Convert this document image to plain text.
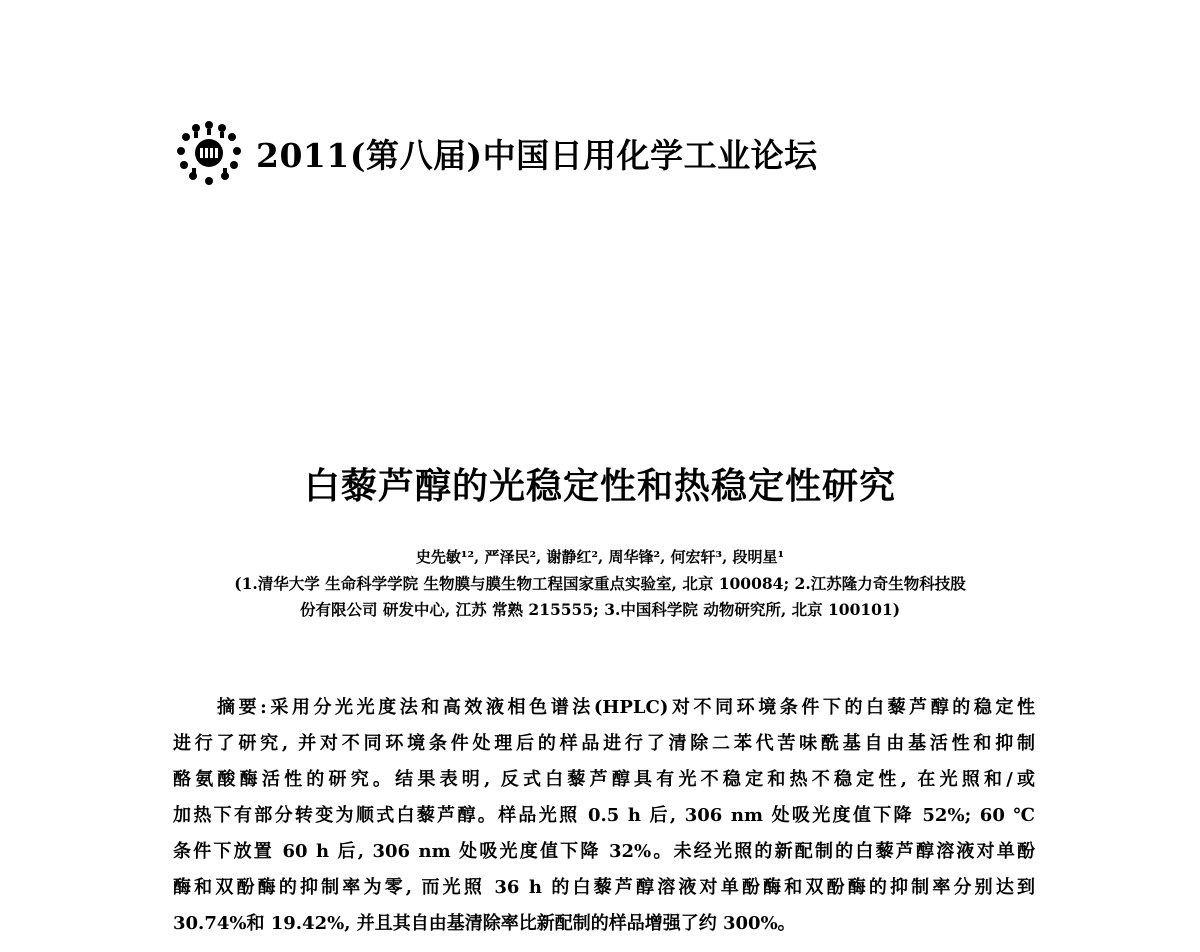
2011(第八届)中国日用化学工业论坛
白藜芦醇的光稳定性和热稳定性研究
史先敏¹², 严泽民², 谢静红², 周华锋², 何宏轩³, 段明星¹
(1.清华大学 生命科学学院 生物膜与膜生物工程国家重点实验室, 北京 100084; 2.江苏隆力奇生物科技股
份有限公司 研发中心, 江苏 常熟 215555; 3.中国科学院 动物研究所, 北京 100101)
摘要:采用分光光度法和高效液相色谱法(HPLC)对不同环境条件下的白藜芦醇的稳定性
进行了研究, 并对不同环境条件处理后的样品进行了清除二苯代苦味酰基自由基活性和抑制
酪氨酸酶活性的研究。结果表明, 反式白藜芦醇具有光不稳定和热不稳定性, 在光照和/或
加热下有部分转变为顺式白藜芦醇。样品光照 0.5 h 后, 306 nm 处吸光度值下降 52%; 60 ℃
条件下放置 60 h 后, 306 nm 处吸光度值下降 32%。未经光照的新配制的白藜芦醇溶液对单酚
酶和双酚酶的抑制率为零, 而光照 36 h 的白藜芦醇溶液对单酚酶和双酚酶的抑制率分别达到
30.74%和 19.42%, 并且其自由基清除率比新配制的样品增强了约 300%。
